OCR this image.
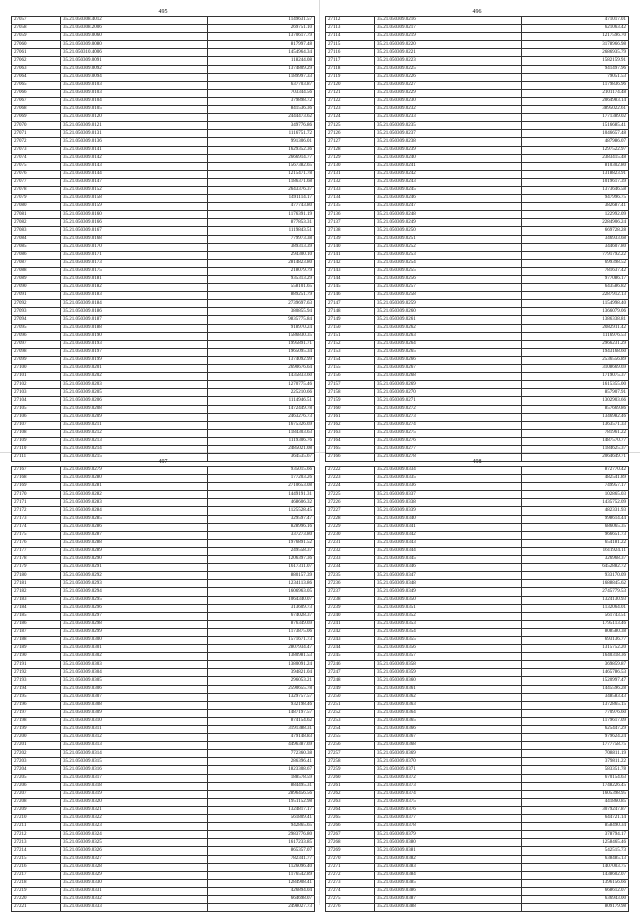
495
27057	35.21.050308.4012	1149631.57
27058	35.21.050308.2006	269751.10
27059	35.21.050309.0060	1370617.79
27060	35.21.050309.0080	817997.48
27061	35.21.050310.4006	1454964.34
27062	35.21.050309.0091	118244.08
27063	35.21.050309.0092	1374809.29
27064	35.21.050309.0094	1189997.33
27065	35.21.050309.0103	637703.87
27066	35.21.050309.0103	703344.56
27067	35.21.050309.0104	379898.72
27068	35.21.050309.0105	841536.36
27069	35.21.050309.0120	2444473.62
27070	35.21.050309.0121	349776.86
27071	35.21.050309.0131	1116751.72
27072	35.21.050309.0136	991306.01
27073	35.21.050309.0141	1629352.36
27074	35.21.050309.0142	2666914.77
27075	35.21.050309.0143	1567382.65
27076	35.21.050309.0144	1215471.78
27077	35.21.050309.0147	1186371.68
27078	35.21.050309.0152	2643376.37
27079	35.21.050309.0158	1491114.17
27080	35.21.050309.0159	477743.80
27081	35.21.050309.0160	1176391.19
27082	35.21.050309.0166	877853.31
27083	35.21.050309.0167	1119843.51
27084	35.21.050309.0168	779973.38
27085	35.21.050309.0170	389313.39
27086	35.21.050309.0171	294300.10
27087	35.21.050309.0173	2814823.80
27088	35.21.050309.0175	218079.79
27089	35.21.050309.0181	935313.29
27090	35.21.050309.0182	558101.65
27091	35.21.050309.0183	889251.79
27092	35.21.050309.0184	2739697.63
27093	35.21.050309.0186	380855.94
27094	35.21.050309.0187	9835775.84
27095	35.21.050309.0188	918970.24
27096	35.21.050309.0190	1586830.35
27097	35.21.050309.0193	1995891.71
27098	35.21.050309.0197	1965095.34
27099	35.21.050309.0199	1374092.99
27100	35.21.050309.0201	2690676.64
27101	35.21.050309.0202	1435833.60
27102	35.21.050309.0203	1270775.46
27103	35.21.050309.0205	225210.66
27104	35.21.050309.0206	1114946.51
27105	35.21.050309.0208	1472449.78
27106	35.21.050309.0209	2463276.73
27107	35.21.050309.0211	1675326.69
27108	35.21.050309.0212	1184303.63
27109	35.21.050309.0213	1119306.76
27110	35.21.050309.0214	2485021.08
27111	35.21.050309.0215	364535.67
496
27112	35.21.050309.0216	471017.01
27113	35.21.050309.0217	621063.42
27114	35.21.050309.0219	1217596.70
27115	35.21.050309.0220	3178966.98
27116	35.21.050309.0221	2686935.79
27117	35.21.050309.0223	1582159.91
27118	35.21.050309.0225	941497.96
27119	35.21.050309.0226	79051.53
27120	35.21.050309.0227	1179836.96
27121	35.21.050309.0229	2101174.48
27122	35.21.050309.0230	2064983.14
27123	35.21.050309.0232	3895022.61
27124	35.21.050309.0233	1771389.02
27125	35.21.050309.0235	1516685.41
27126	35.21.050309.0237	1046657.48
27127	35.21.050309.0238	487986.07
27128	35.21.050309.0239	1297522.97
27129	35.21.050309.0240	2383415.48
27130	35.21.050309.0241	810302.80
27131	35.21.050309.0242	1318823.91
27132	35.21.050309.0243	1019617.39
27133	35.21.050309.0245	1373646.58
27134	35.21.050309.0246	947996.75
27135	35.21.050309.0247	382687.41
27136	35.21.050309.0248	122992.09
27137	35.21.050309.0249	2284906.24
27138	35.21.050309.0250	669728.28
27139	35.21.050309.0251	346933.68
27140	35.21.050309.0252	344607.80
27141	35.21.050309.0253	7791792.22
27142	35.21.050309.0254	699398.52
27143	35.21.050309.0255	781637.42
27144	35.21.050309.0256	977086.17
27145	35.21.050309.0257	643586.82
27146	35.21.050309.0258	2287912.13
27147	35.21.050309.0259	1154998.40
27148	35.21.050309.0260	1366079.06
27149	35.21.050309.0261	1386338.81
27150	35.21.050309.0262	2082911.42
27151	35.21.050309.0263	1116976.53
27152	35.21.050309.0264	2966231.29
27153	35.21.050309.0265	1943168.60
27154	35.21.050309.0266	2536556.89
27155	35.21.050309.0267	3108669.69
27156	35.21.050309.0268	1719075.37
27157	35.21.050309.0269	1615355.00
27158	35.21.050309.0270	857907.91
27159	35.21.050309.0271	1302903.66
27160	35.21.050309.0272	857669.86
27161	35.21.050309.0273	1346982.46
27162	35.21.050309.0274	1363571.33
27163	35.21.050309.0275	781961.22
27164	35.21.050309.0276	1487570.77
27165	35.21.050309.0277	1184625.37
27166	35.21.050309.0278	2064649.71
497
27167	35.21.050309.0279	935015.66
27168	35.21.050309.0280	177203.26
27169	35.21.050309.0281	2710653.08
27170	35.21.050309.0282	1449191.31
27171	35.21.050309.0283	468606.32
27172	35.21.050309.0284	1125528.45
27173	35.21.050309.0285	329597.47
27174	35.21.050309.0286	828996.16
27175	35.21.050309.0287	337273.80
27176	35.21.050309.0288	1976891.52
27177	35.21.050309.0289	249558.37
27178	35.21.050309.0290	1206397.36
27179	35.21.050309.0291	1617311.07
27180	35.21.050309.0292	880157.39
27181	35.21.050309.0293	1234113.86
27182	35.21.050309.0294	1606963.05
27183	35.21.050309.0295	1064340.07
27184	35.21.050309.0296	313609.73
27185	35.21.050309.0297	674028.37
27186	35.21.050309.0298	876349.69
27187	35.21.050309.0299	1173875.06
27188	35.21.050309.0300	1571671.73
27189	35.21.050309.0301	2807934.47
27190	35.21.050309.0302	1380981.53
27191	35.21.050309.0303	1380091.24
27192	35.21.050309.0304	394821.04
27193	35.21.050309.0305	296053.21
27194	35.21.050309.0306	2590655.78
27195	35.21.050309.0307	1329757.57
27196	35.21.050309.0308	932198.46
27197	35.21.050309.0309	1487197.57
27198	35.21.050309.0310	874154.62
27199	35.21.050309.0311	3191388.31
27200	35.21.050309.0312	479148.83
27201	35.21.050309.0313	4496387.69
27202	35.21.050309.0314	772360.38
27203	35.21.050309.0315	286396.41
27204	35.21.050309.0316	1823308.67
27205	35.21.050309.0317	188578.59
27206	35.21.050309.0318	884495.31
27207	35.21.050309.0319	2896456.56
27208	35.21.050309.0320	1951152.98
27209	35.21.050309.0321	1324817.17
27210	35.21.050309.0322	561809.41
27211	35.21.050309.0323	942865.65
27212	35.21.050309.0324	2983776.80
27213	35.21.050309.0325	1617233.85
27214	35.21.050309.0326	865357.07
27215	35.21.050309.0327	782341.77
27216	35.21.050309.0328	1126096.40
27217	35.21.050309.0329	1176542.89
27218	35.21.050309.0330	1284908.41
27219	35.21.050309.0331	426894.04
27220	35.21.050309.0332	664698.07
27221	35.21.050309.0333	2498027.73
498
27222	35.21.050309.0334	872770.42
27223	35.21.050309.0335	482541.89
27224	35.21.050309.0336	749957.17
27225	35.21.050309.0337	102865.03
27226	35.21.050309.0338	1435752.09
27227	35.21.050309.0339	482331.93
27228	35.21.050309.0340	998614.44
27229	35.21.050309.0341	686065.35
27230	35.21.050309.0342	966651.73
27231	35.21.050309.0343	654181.22
27232	35.21.050309.0344	1611924.11
27233	35.21.050309.0345	326968.37
27234	35.21.050309.0346	6452882.72
27235	35.21.050309.0347	933170.09
27236	35.21.050309.0348	1688845.62
27237	35.21.050309.0349	2745779.53
27238	35.21.050309.0350	1324130.93
27239	35.21.050309.0351	1132064.01
27240	35.21.050309.0352	561743.51
27241	35.21.050309.0353	1795113.46
27242	35.21.050309.0354	808580.38
27243	35.21.050309.0355	693136.77
27244	35.21.050309.0356	1315752.20
27245	35.21.050309.0357	1640318.36
27246	35.21.050309.0358	369859.87
27247	35.21.050309.0359	1465786.53
27248	35.21.050309.0360	1520997.47
27249	35.21.050309.0361	1445596.28
27250	35.21.050309.0362	348583.43
27251	35.21.050309.0363	1372865.15
27252	35.21.050309.0364	770976.60
27253	35.21.050309.0365	1179617.09
27254	35.21.050309.0366	625447.29
27255	35.21.050309.0367	979624.24
27256	35.21.050309.0368	1777758.75
27257	35.21.050309.0369	708811.19
27258	35.21.050309.0370	379811.22
27259	35.21.050309.0371	583351.78
27260	35.21.050309.0372	670154.63
27261	35.21.050309.0373	1748226.45
27262	35.21.050309.0374	1605398.95
27263	35.21.050309.0375	441860.85
27264	35.21.050309.0376	3079247.87
27265	35.21.050309.0377	644721.14
27266	35.21.050309.0378	858490.34
27267	35.21.050309.0379	378794.17
27268	35.21.050309.0380	1258465.46
27269	35.21.050309.0381	542515.73
27270	35.21.050309.0382	638485.13
27271	35.21.050309.0383	1407003.75
27272	35.21.050309.0384	1438602.07
27273	35.21.050309.0385	1396156.66
27274	35.21.050309.0386	668612.07
27275	35.21.050309.0387	636943.00
27276	35.21.050309.0388	809179.98
